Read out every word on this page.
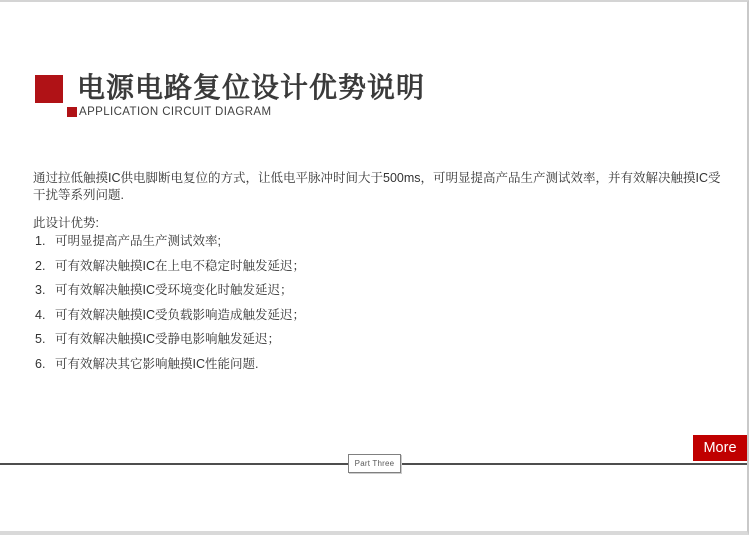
电源电路复位设计优势说明
APPLICATION CIRCUIT DIAGRAM

通过拉低触摸IC供电脚断电复位的方式，让低电平脉冲时间大于500ms，可明显提高产品生产测试效率，并有效解决触摸IC受干扰等系列问题.

此设计优势:
1. 可明显提高产品生产测试效率;
2. 可有效解决触摸IC在上电不稳定时触发延迟；
3. 可有效解决触摸IC受环境变化时触发延迟；
4. 可有效解决触摸IC受负载影响造成触发延迟；
5. 可有效解决触摸IC受静电影响触发延迟；
6. 可有效解决其它影响触摸IC性能问题.
More
Part Three
